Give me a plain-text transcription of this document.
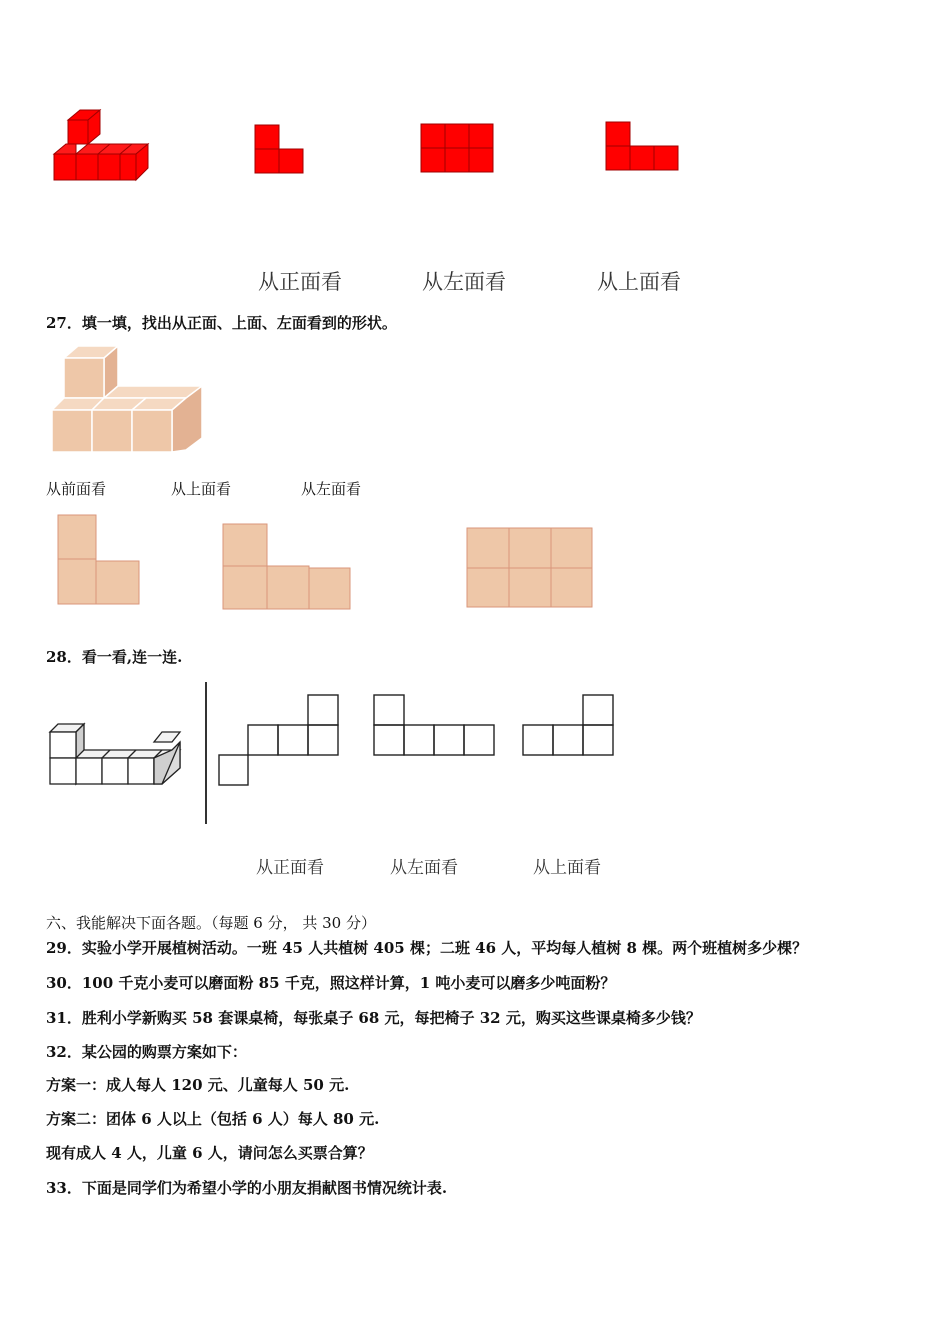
从正面看	从左面看	从上面看
27．填一填，找出从正面、上面、左面看到的形状。
从前面看	从上面看	从左面看
28．看一看,连一连.
从正面看	从左面看	从上面看
六、我能解决下面各题。（每题 6 分， 共 30 分）
29．实验小学开展植树活动。一班 45 人共植树 405 棵；二班 46 人，平均每人植树 8 棵。两个班植树多少棵？
30．100 千克小麦可以磨面粉 85 千克，照这样计算，1 吨小麦可以磨多少吨面粉？
31．胜利小学新购买 58 套课桌椅，每张桌子 68 元，每把椅子 32 元，购买这些课桌椅多少钱？
32．某公园的购票方案如下：
方案一：成人每人 120 元、儿童每人 50 元.
方案二：团体 6 人以上（包括 6 人）每人 80 元.
现有成人 4 人，儿童 6 人，请问怎么买票合算？
33．下面是同学们为希望小学的小朋友捐献图书情况统计表.
